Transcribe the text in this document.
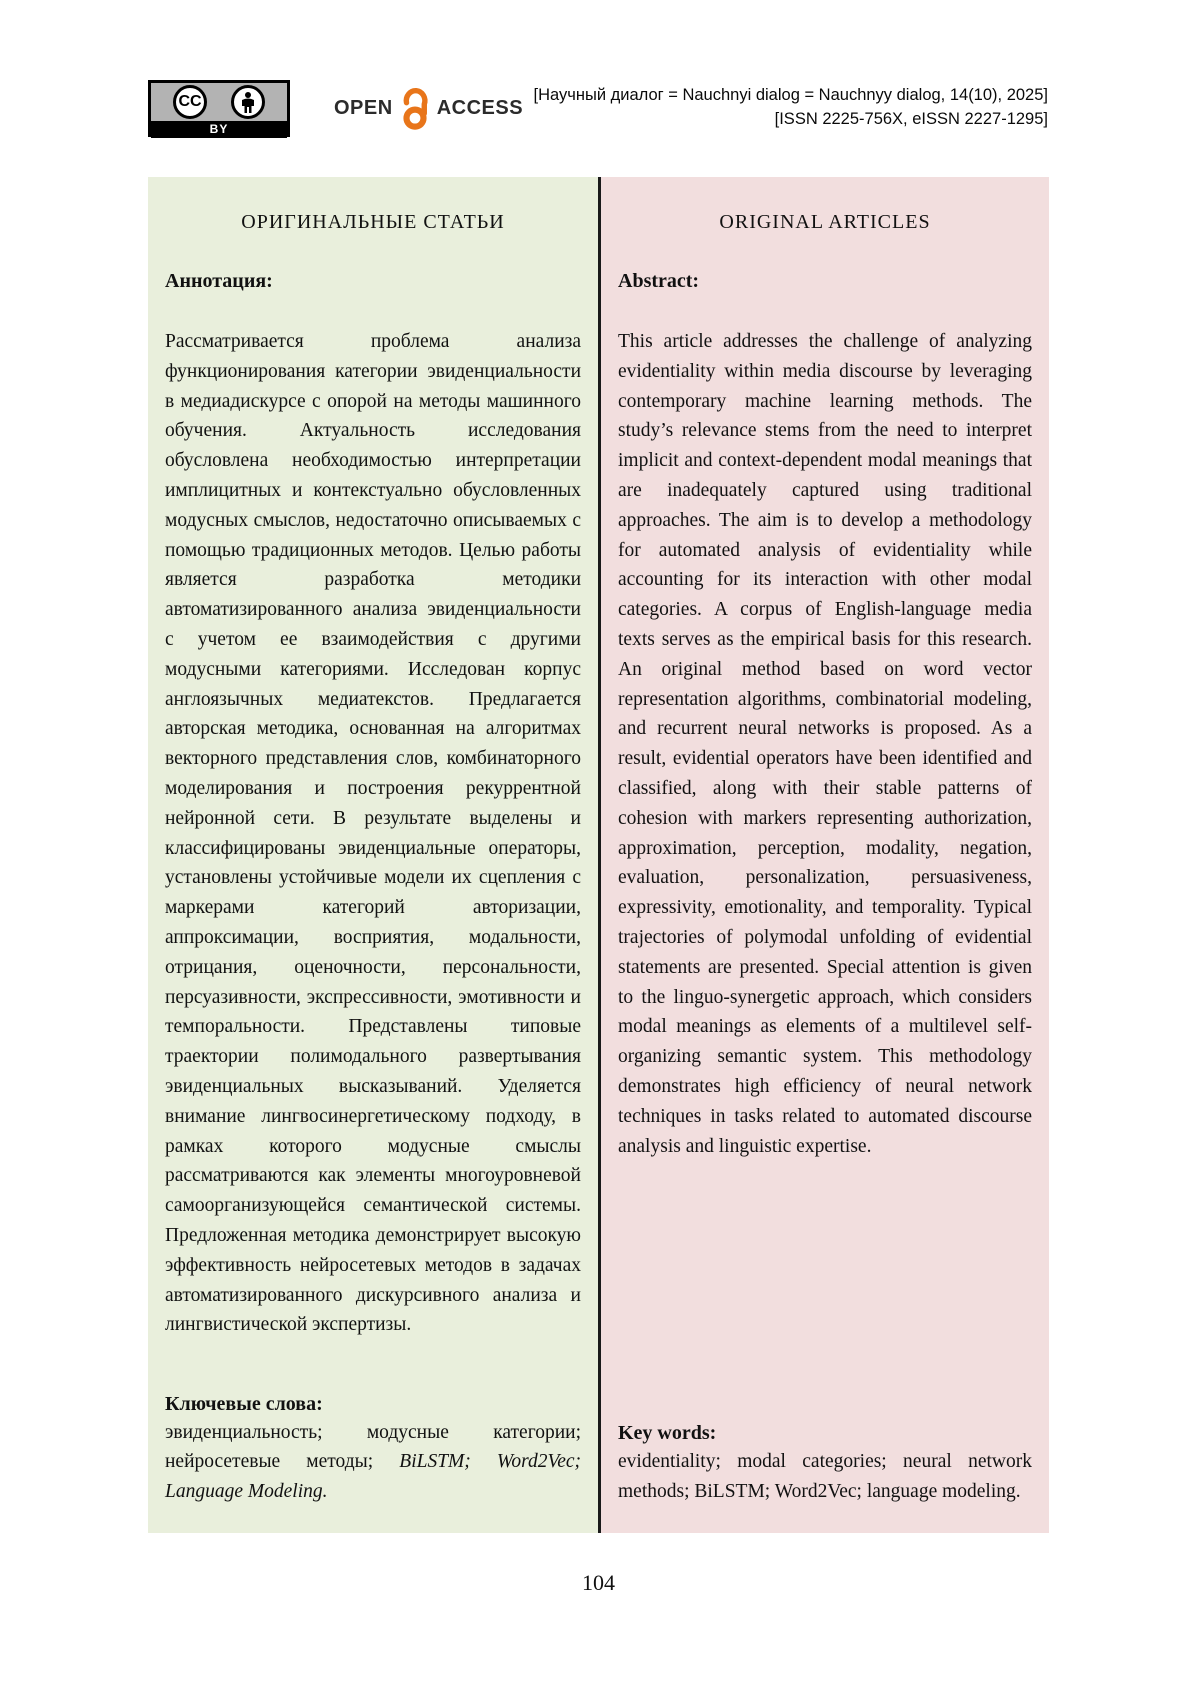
CC
BY
OPEN ACCESS
[Научный диалог = Nauchnyi dialog = Nauchnyy dialog, 14(10), 2025]
[ISSN 2225-756X, eISSN 2227-1295]
ОРИГИНАЛЬНЫЕ СТАТЬИ
Аннотация:
Рассматривается проблема анализа функционирования категории эвиденциальности в медиадискурсе с опорой на методы машинного обучения. Актуальность исследования обусловлена необходимостью интерпретации имплицитных и контекстуально обусловленных модусных смыслов, недостаточно описываемых с помощью традиционных методов. Целью работы является разработка методики автоматизированного анализа эвиденциальности с учетом ее взаимодействия с другими модусными категориями. Исследован корпус англоязычных медиатекстов. Предлагается авторская методика, основанная на алгоритмах векторного представления слов, комбинаторного моделирования и построения рекуррентной нейронной сети. В результате выделены и классифицированы эвиденциальные операторы, установлены устойчивые модели их сцепления с маркерами категорий авторизации, аппроксимации, восприятия, модальности, отрицания, оценочности, персональности, персуазивности, экспрессивности, эмотивности и темпоральности. Представлены типовые траектории полимодального развертывания эвиденциальных высказываний. Уделяется внимание лингвосинергетическому подходу, в рамках которого модусные смыслы рассматриваются как элементы многоуровневой самоорганизующейся семантической системы. Предложенная методика демонстрирует высокую эффективность нейросетевых методов в задачах автоматизированного дискурсивного анализа и лингвистической экспертизы.
Ключевые слова:
эвиденциальность; модусные категории; нейросетевые методы; BiLSTM; Word2Vec; Language Modeling.
ORIGINAL ARTICLES
Abstract:
This article addresses the challenge of analyzing evidentiality within media discourse by leveraging contemporary machine learning methods. The study’s relevance stems from the need to interpret implicit and context-dependent modal meanings that are inadequately captured using traditional approaches. The aim is to develop a methodology for automated analysis of evidentiality while accounting for its interaction with other modal categories. A corpus of English-language media texts serves as the empirical basis for this research. An original method based on word vector representation algorithms, combinatorial modeling, and recurrent neural networks is proposed. As a result, evidential operators have been identified and classified, along with their stable patterns of cohesion with markers representing authorization, approximation, perception, modality, negation, evaluation, personalization, persuasiveness, expressivity, emotionality, and temporality. Typical trajectories of polymodal unfolding of evidential statements are presented. Special attention is given to the linguo-synergetic approach, which considers modal meanings as elements of a multilevel self-organizing semantic system. This methodology demonstrates high efficiency of neural network techniques in tasks related to automated discourse analysis and linguistic expertise.
Key words:
evidentiality; modal categories; neural network methods; BiLSTM; Word2Vec; language modeling.
104
